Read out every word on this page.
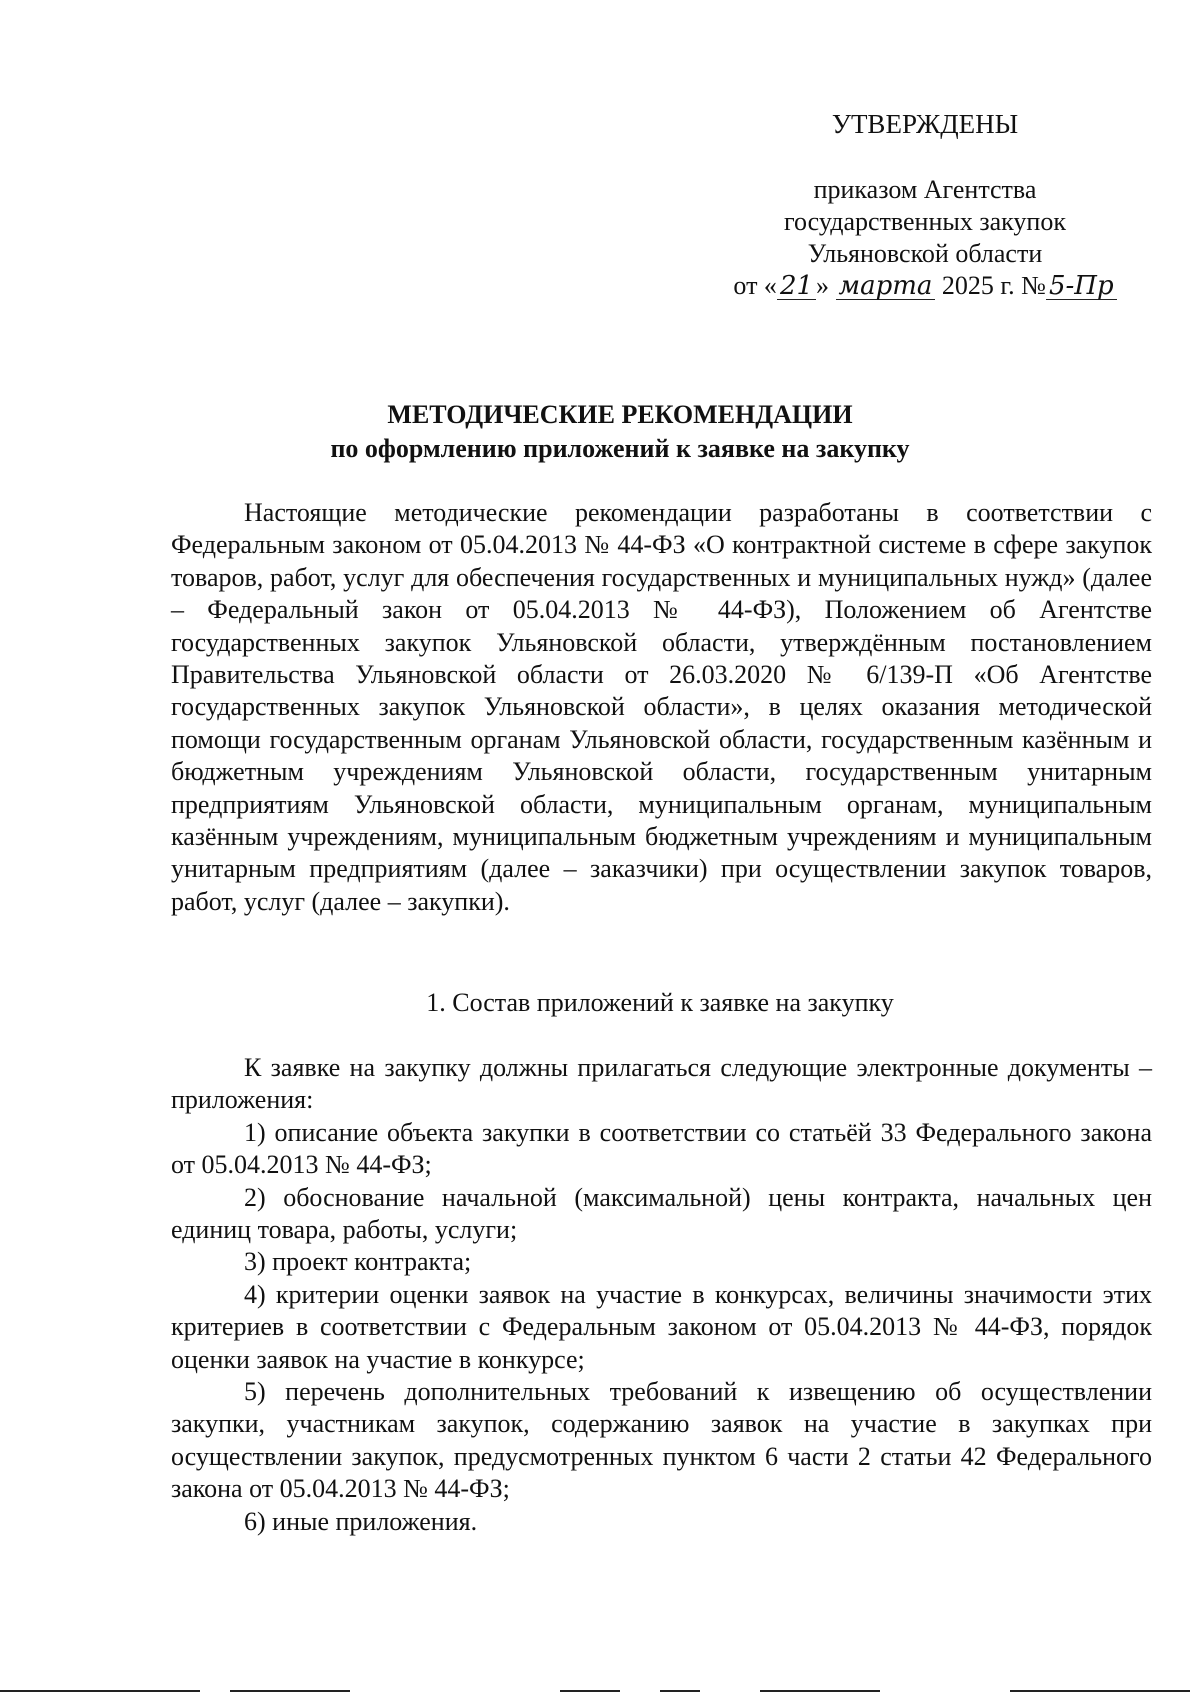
УТВЕРЖДЕНЫ
приказом Агентства
государственных закупок
Ульяновской области
от « 21 » марта 2025 г. № 5-Пр
МЕТОДИЧЕСКИЕ РЕКОМЕНДАЦИИ
по оформлению приложений к заявке на закупку

Настоящие методические рекомендации разработаны в соответствии с Федеральным законом от 05.04.2013 № 44-ФЗ «О контрактной системе в сфере закупок товаров, работ, услуг для обеспечения государственных и муниципальных нужд» (далее – Федеральный закон от 05.04.2013 № 44-ФЗ), Положением об Агентстве государственных закупок Ульяновской области, утверждённым постановлением Правительства Ульяновской области от 26.03.2020 № 6/139-П «Об Агентстве государственных закупок Ульяновской области», в целях оказания методической помощи государственным органам Ульяновской области, государственным казённым и бюджетным учреждениям Ульяновской области, государственным унитарным предприятиям Ульяновской области, муниципальным органам, муниципальным казённым учреждениям, муниципальным бюджетным учреждениям и муниципальным унитарным предприятиям (далее – заказчики) при осуществлении закупок товаров, работ, услуг (далее – закупки).

1. Состав приложений к заявке на закупку

К заявке на закупку должны прилагаться следующие электронные документы – приложения:

1) описание объекта закупки в соответствии со статьёй 33 Федерального закона от 05.04.2013 № 44-ФЗ;

2) обоснование начальной (максимальной) цены контракта, начальных цен единиц товара, работы, услуги;

3) проект контракта;

4) критерии оценки заявок на участие в конкурсах, величины значимости этих критериев в соответствии с Федеральным законом от 05.04.2013 № 44-ФЗ, порядок оценки заявок на участие в конкурсе;

5) перечень дополнительных требований к извещению об осуществлении закупки, участникам закупок, содержанию заявок на участие в закупках при осуществлении закупок, предусмотренных пунктом 6 части 2 статьи 42 Федерального закона от 05.04.2013 № 44-ФЗ;

6) иные приложения.
